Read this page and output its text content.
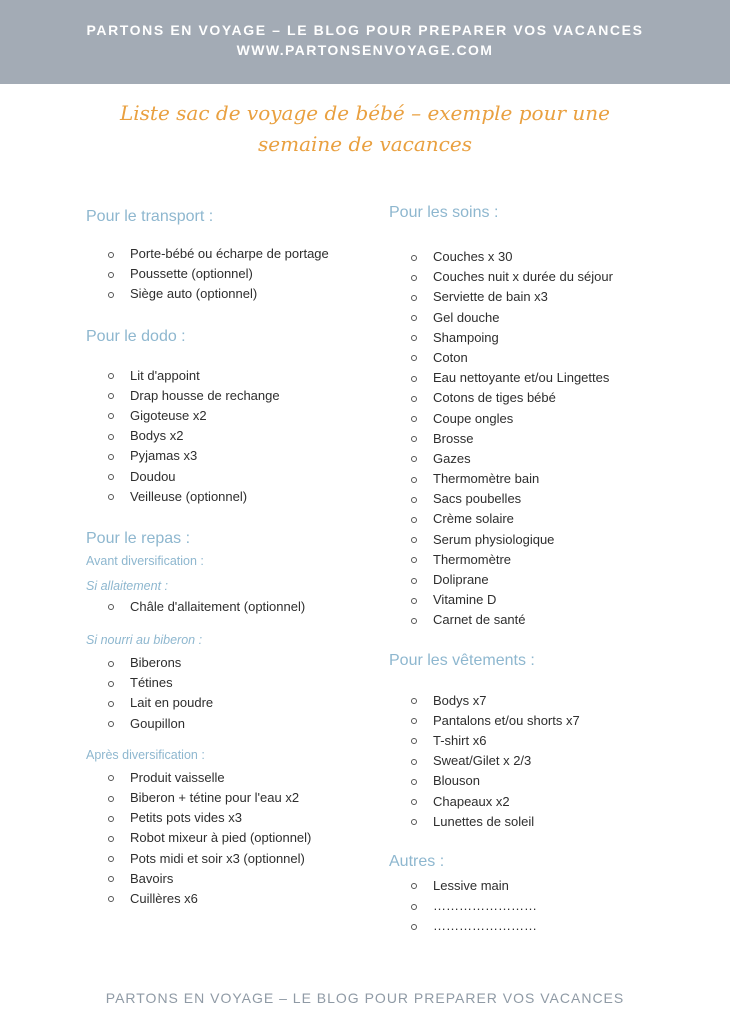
PARTONS EN VOYAGE – LE BLOG POUR PREPARER VOS VACANCES
WWW.PARTONSENVOYAGE.COM
Liste sac de voyage de bébé – exemple pour une
semaine de vacances
Pour le transport :
Porte-bébé ou écharpe de portage
Poussette (optionnel)
Siège auto (optionnel)
Pour le dodo :
Lit d'appoint
Drap housse de rechange
Gigoteuse x2
Bodys x2
Pyjamas x3
Doudou
Veilleuse (optionnel)
Pour le repas :
Avant diversification :
Si allaitement :
Châle d'allaitement (optionnel)
Si nourri au biberon :
Biberons
Tétines
Lait en poudre
Goupillon
Après diversification :
Produit vaisselle
Biberon + tétine pour l'eau x2
Petits pots vides x3
Robot mixeur à pied (optionnel)
Pots midi et soir x3 (optionnel)
Bavoirs
Cuillères x6
Pour les soins :
Couches x 30
Couches nuit x durée du séjour
Serviette de bain x3
Gel douche
Shampoing
Coton
Eau nettoyante et/ou Lingettes
Cotons de tiges bébé
Coupe ongles
Brosse
Gazes
Thermomètre bain
Sacs poubelles
Crème solaire
Serum physiologique
Thermomètre
Doliprane
Vitamine D
Carnet de santé
Pour les vêtements :
Bodys x7
Pantalons et/ou shorts x7
T-shirt x6
Sweat/Gilet x 2/3
Blouson
Chapeaux x2
Lunettes de soleil
Autres :
Lessive main
……………………
……………………
PARTONS EN VOYAGE – LE BLOG POUR PREPARER VOS VACANCES
